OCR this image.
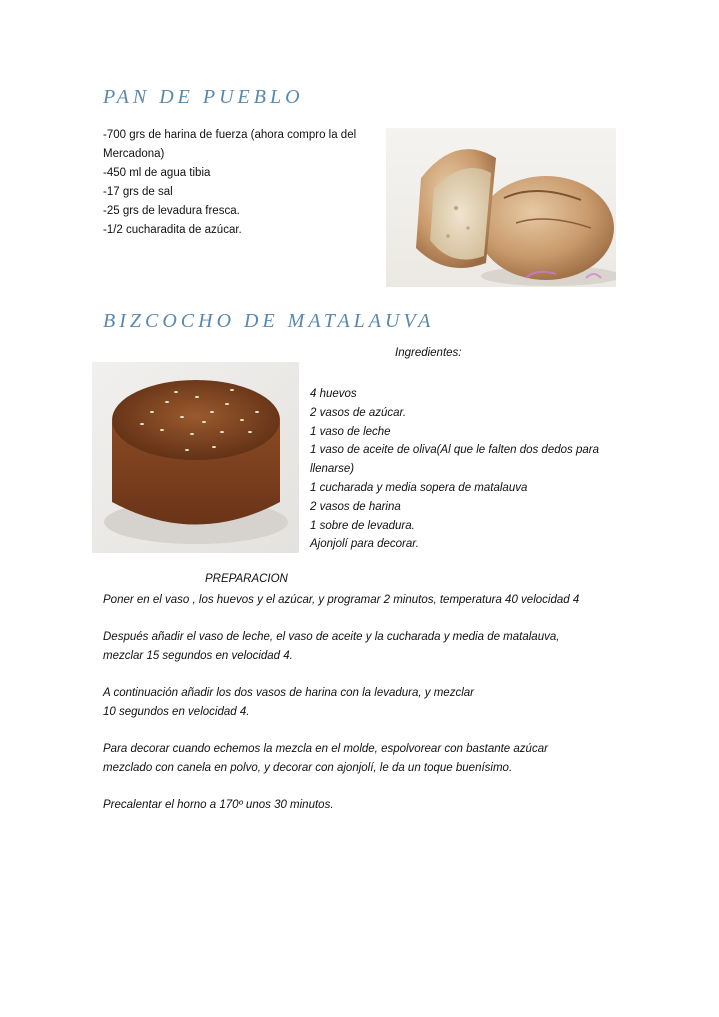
PAN DE PUEBLO
-700 grs de harina de fuerza (ahora compro la del
Mercadona)
-450 ml de agua tibia
-17 grs de sal
-25 grs de levadura fresca.
-1/2 cucharadita de azúcar.
BIZCOCHO DE MATALAUVA
Ingredientes:
4 huevos
2 vasos de azúcar.
1 vaso de leche
1 vaso de aceite de oliva(Al que le falten dos dedos para
llenarse)
1 cucharada y media sopera de matalauva
2 vasos de harina
1 sobre de levadura.
Ajonjolí para decorar.
PREPARACION

Poner en el vaso , los huevos y el azúcar, y programar 2 minutos, temperatura 40 velocidad 4

Después añadir el vaso de leche, el vaso de aceite y la cucharada y media de matalauva,
mezclar 15 segundos en velocidad 4.

A continuación añadir los dos vasos de harina con la levadura, y mezclar
10 segundos en velocidad 4.

Para decorar cuando echemos la mezcla en el molde, espolvorear con bastante azúcar
mezclado con canela en polvo, y decorar con ajonjolí, le da un toque buenísimo.

Precalentar el horno a 170º unos 30 minutos.
